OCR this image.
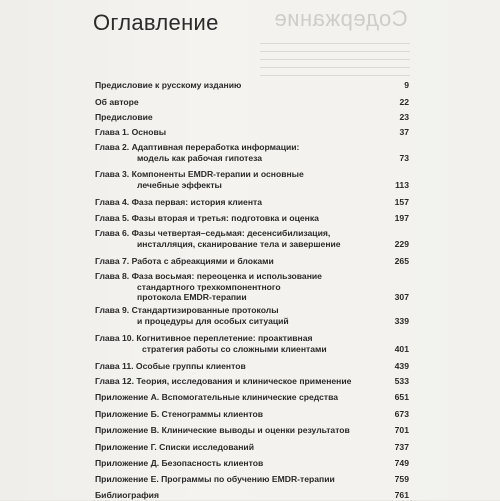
Содержание
Оглавление
Предисловие к русскому изданию	9
Об авторе	22
Предисловие	23
Глава 1. Основы	37
Глава 2. Адаптивная переработка информации:
модель как рабочая гипотеза	73
Глава 3. Компоненты EMDR-терапии и основные
лечебные эффекты	113
Глава 4. Фаза первая: история клиента	157
Глава 5. Фазы вторая и третья: подготовка и оценка	197
Глава 6. Фазы четвертая–седьмая: десенсибилизация,
инсталляция, сканирование тела и завершение	229
Глава 7. Работа с абреакциями и блоками	265
Глава 8. Фаза восьмая: переоценка и использование
стандартного трехкомпонентного
протокола EMDR-терапии	307
Глава 9. Стандартизированные протоколы
и процедуры для особых ситуаций	339
Глава 10. Когнитивное переплетение: проактивная
стратегия работы со сложными клиентами	401
Глава 11. Особые группы клиентов	439
Глава 12. Теория, исследования и клиническое применение	533
Приложение А. Вспомогательные клинические средства	651
Приложение Б. Стенограммы клиентов	673
Приложение В. Клинические выводы и оценки результатов	701
Приложение Г. Списки исследований	737
Приложение Д. Безопасность клиентов	749
Приложение Е. Программы по обучению EMDR-терапии	759
Библиография	761
